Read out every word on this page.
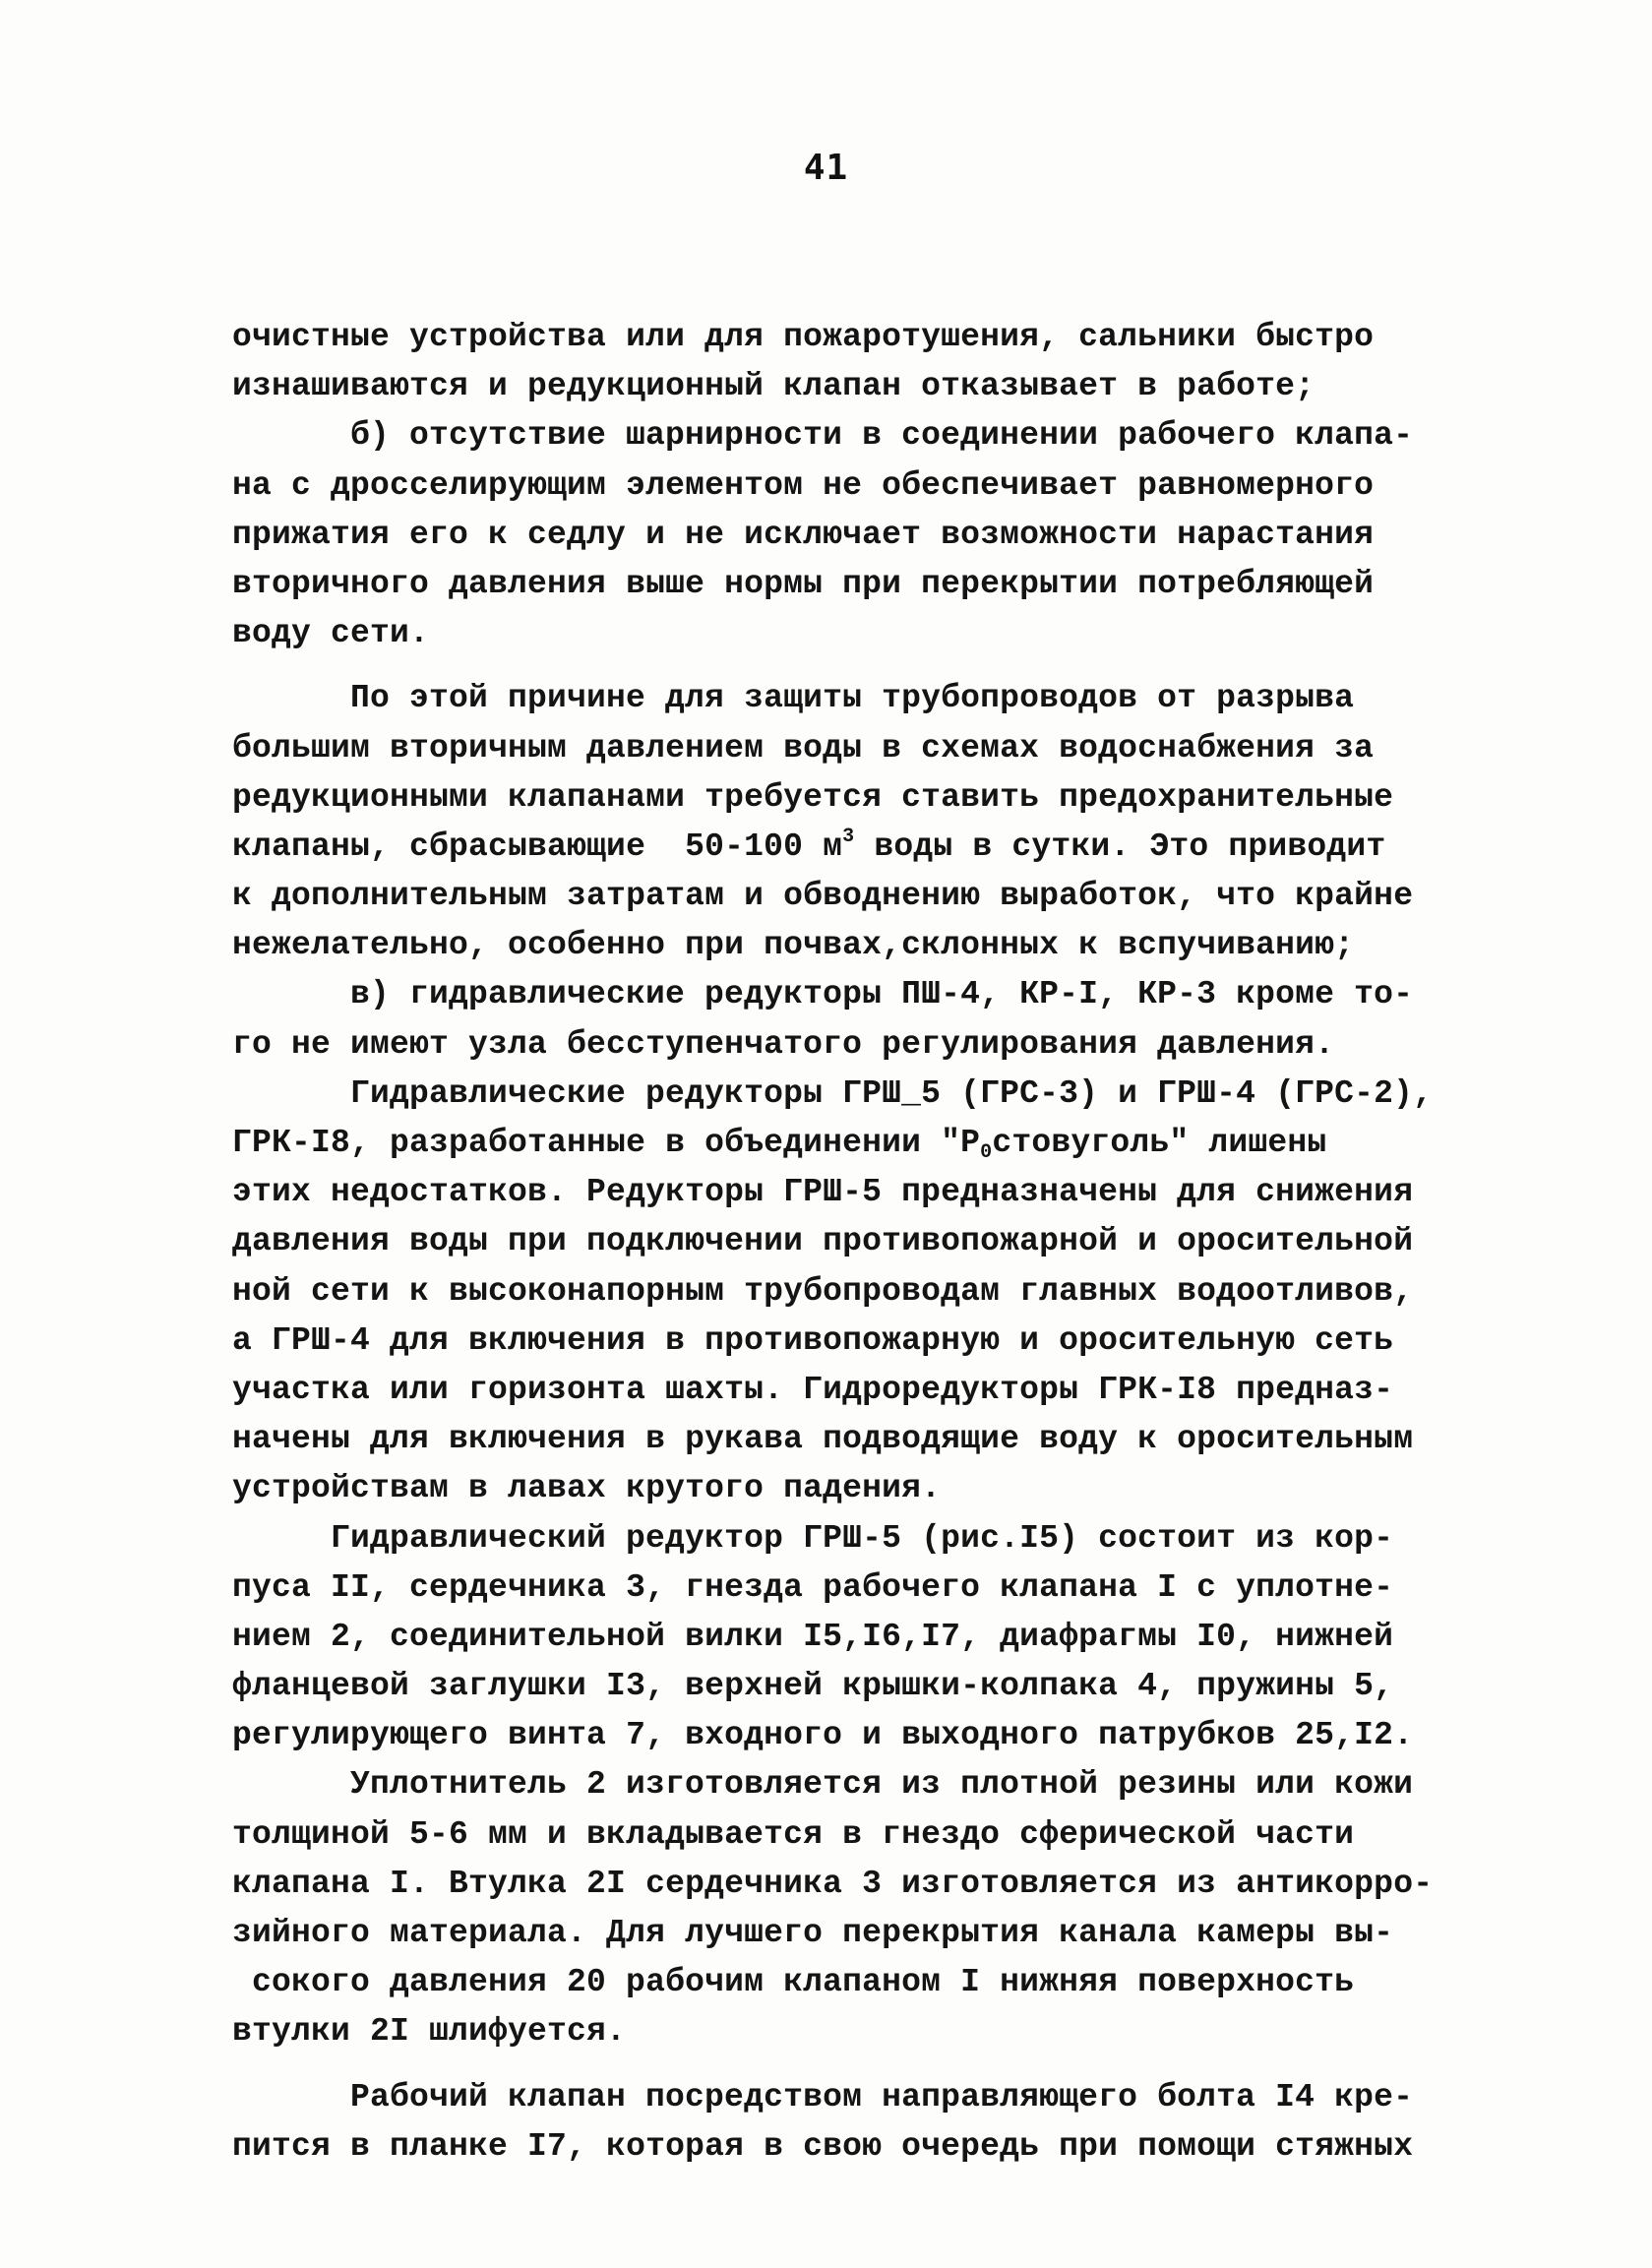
41
очистные устройства или для пожаротушения, сальники быстро
изнашиваются и редукционный клапан отказывает в работе;
б) отсутствие шарнирности в соединении рабочего клапа-
на с дросселирующим элементом не обеспечивает равномерного
прижатия его к седлу и не исключает возможности нарастания
вторичного давления выше нормы при перекрытии потребляющей
воду сети.
По этой причине для защиты трубопроводов от разрыва
большим вторичным давлением воды в схемах водоснабжения за
редукционными клапанами требуется ставить предохранительные
клапаны, сбрасывающие  50-100 $м^3$ воды в сутки. Это приводит
к дополнительным затратам и обводнению выработок, что крайне
нежелательно, особенно при почвах,склонных к вспучиванию;
в) гидравлические редукторы ПШ-4, КР-I, КР-3 кроме то-
го не имеют узла бесступенчатого регулирования давления.
Гидравлические редукторы ГРШ_5 (ГРС-3) и ГРШ-4 (ГРС-2),
ГРК-I8, разработанные в объединении "$Р_0стовуголь$" лишены
этих недостатков. Редукторы ГРШ-5 предназначены для снижения
давления воды при подключении противопожарной и оросительной
ной сети к высоконапорным трубопроводам главных водоотливов,
а ГРШ-4 для включения в противопожарную и оросительную сеть
участка или горизонта шахты. Гидроредукторы ГРК-I8 предназ-
начены для включения в рукава подводящие воду к оросительным
устройствам в лавах крутого падения.
Гидравлический редуктор ГРШ-5 (рис.I5) состоит из кор-
пуса II, сердечника 3, гнезда рабочего клапана I с уплотне-
нием 2, соединительной вилки I5,I6,I7, диафрагмы I0, нижней
фланцевой заглушки I3, верхней крышки-колпака 4, пружины 5,
регулирующего винта 7, входного и выходного патрубков 25,I2.
Уплотнитель 2 изготовляется из плотной резины или кожи
толщиной 5-6 мм и вкладывается в гнездо сферической части
клапана I. Втулка 2I сердечника 3 изготовляется из антикорро-
зийного материала. Для лучшего перекрытия канала камеры вы-
сокого давления 20 рабочим клапаном I нижняя поверхность
втулки 2I шлифуется.
Рабочий клапан посредством направляющего болта I4 кре-
пится в планке I7, которая в свою очередь при помощи стяжных
